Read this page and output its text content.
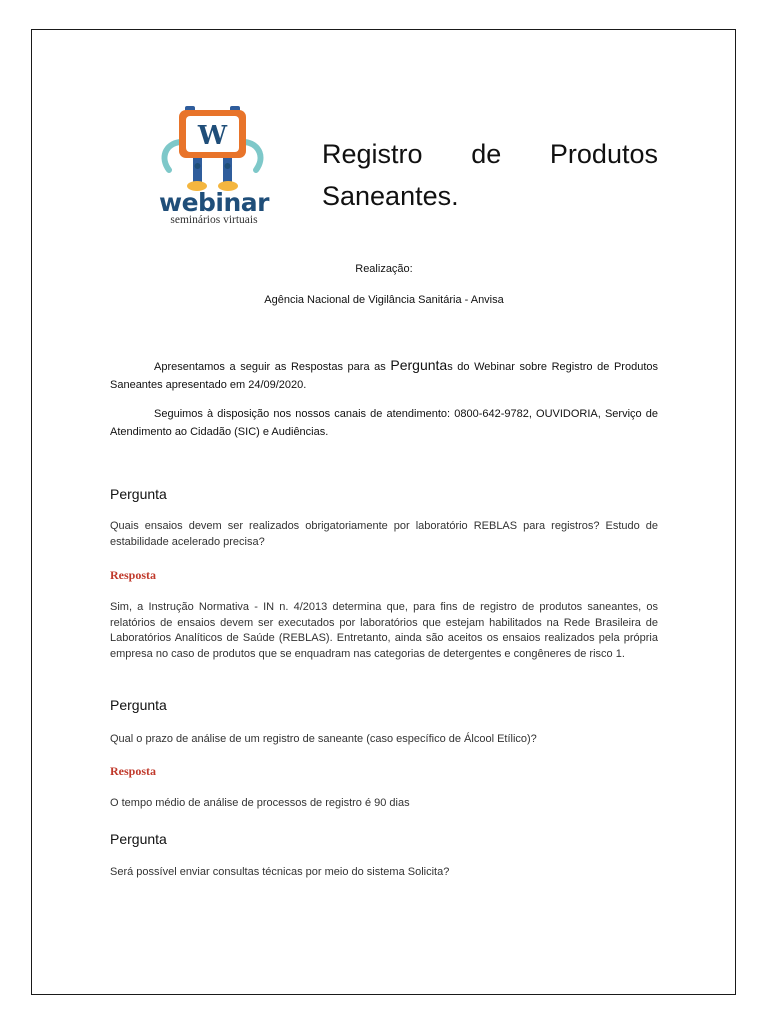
W
webinar
seminários virtuais
Registro de Produtos
Saneantes.
Realização:
Agência Nacional de Vigilância Sanitária - Anvisa
Apresentamos a seguir as Respostas para as Perguntas do Webinar sobre Registro de Produtos Saneantes apresentado em 24/09/2020.
Seguimos à disposição nos nossos canais de atendimento: 0800-642-9782, OUVIDORIA, Serviço de Atendimento ao Cidadão (SIC) e Audiências.
Pergunta
Quais ensaios devem ser realizados obrigatoriamente por laboratório REBLAS para registros? Estudo de estabilidade acelerado precisa?
Resposta
Sim, a Instrução Normativa - IN n. 4/2013 determina que, para fins de registro de produtos saneantes, os relatórios de ensaios devem ser executados por laboratórios que estejam habilitados na Rede Brasileira de Laboratórios Analíticos de Saúde (REBLAS). Entretanto, ainda são aceitos os ensaios realizados pela própria empresa no caso de produtos que se enquadram nas categorias de detergentes e congêneres de risco 1.
Pergunta
Qual o prazo de análise de um registro de saneante (caso específico de Álcool Etílico)?
Resposta
O tempo médio de análise de processos de registro é 90 dias
Pergunta
Será possível enviar consultas técnicas por meio do sistema Solicita?
